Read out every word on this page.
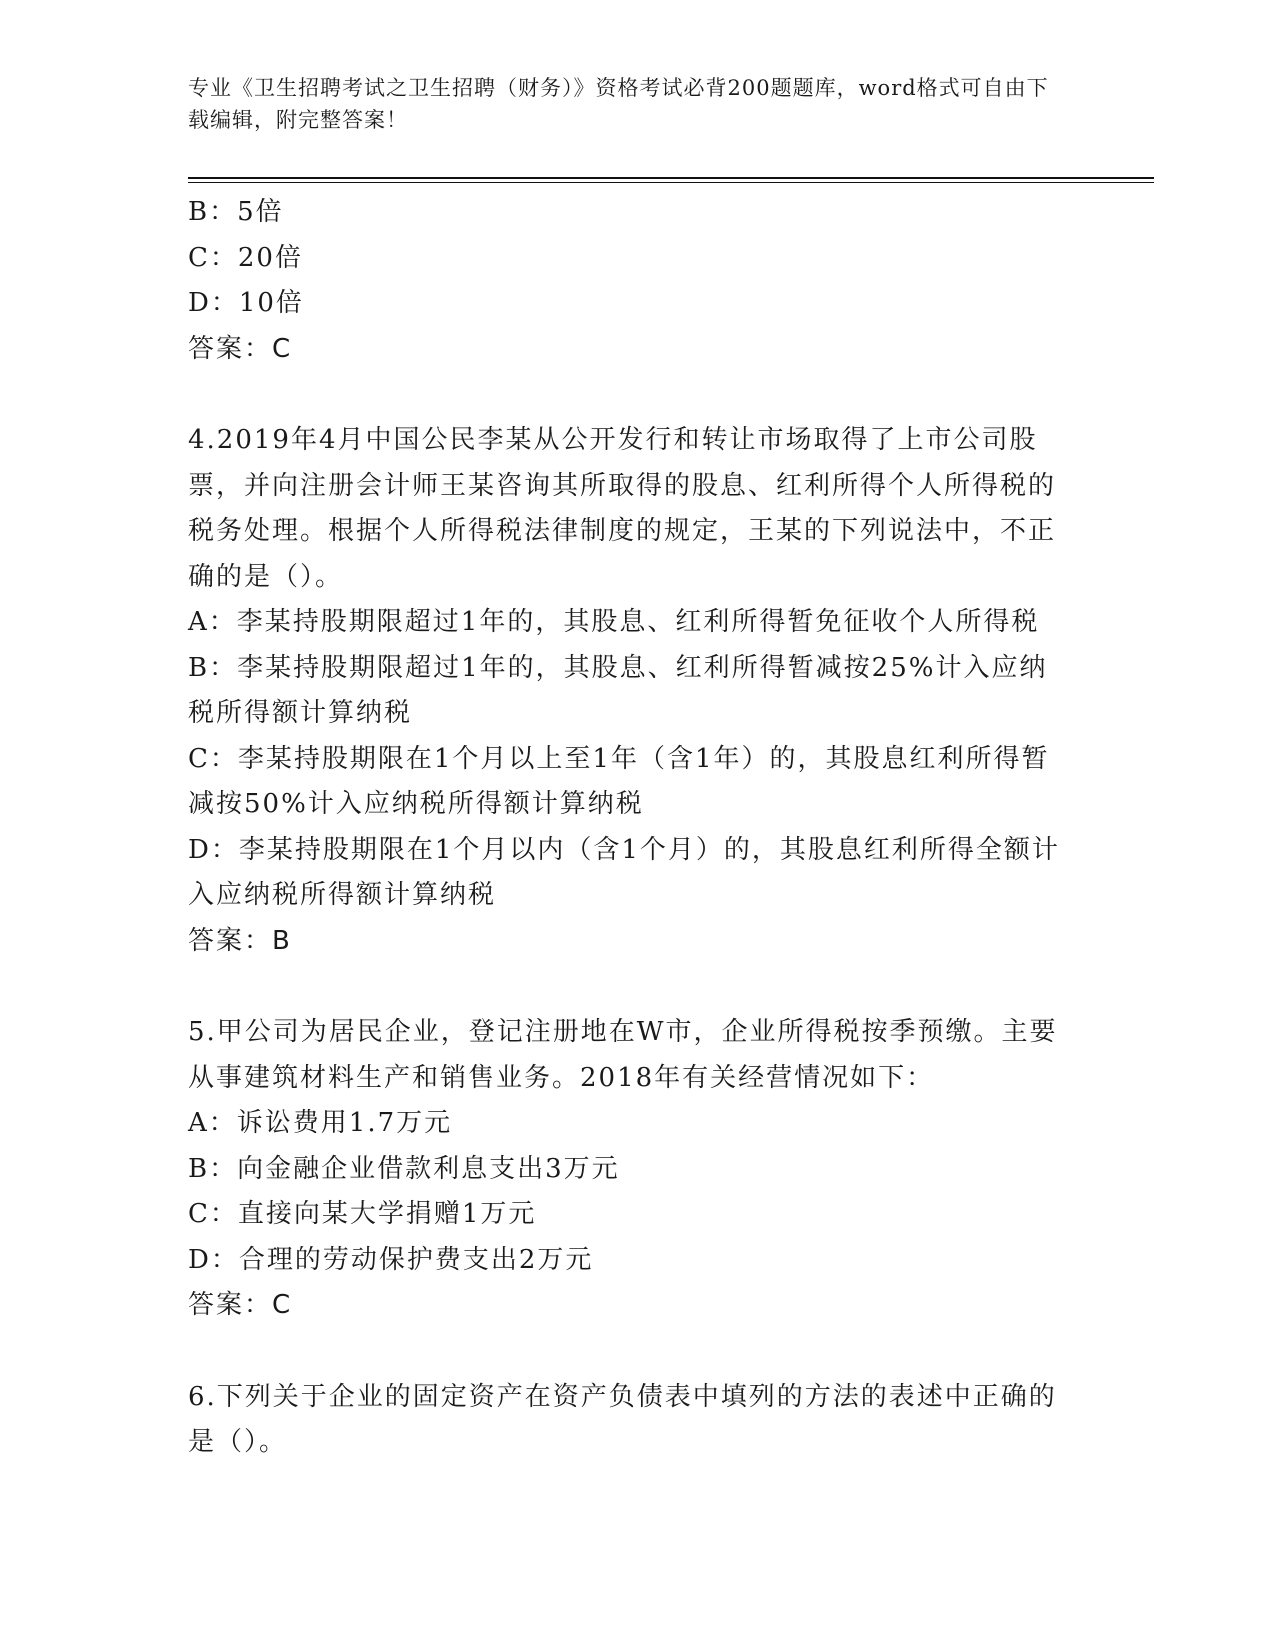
专业《卫生招聘考试之卫生招聘（财务）》资格考试必背200题题库，word格式可自由下载编辑，附完整答案！

B：5倍

C：20倍

D：10倍

答案：C

4.2019年4月中国公民李某从公开发行和转让市场取得了上市公司股票，并向注册会计师王某咨询其所取得的股息、红利所得个人所得税的税务处理。根据个人所得税法律制度的规定，王某的下列说法中，不正确的是（）。

A：李某持股期限超过1年的，其股息、红利所得暂免征收个人所得税

B：李某持股期限超过1年的，其股息、红利所得暂减按25%计入应纳税所得额计算纳税

C：李某持股期限在1个月以上至1年（含1年）的，其股息红利所得暂减按50%计入应纳税所得额计算纳税

D：李某持股期限在1个月以内（含1个月）的，其股息红利所得全额计入应纳税所得额计算纳税

答案：B

5.甲公司为居民企业，登记注册地在W市，企业所得税按季预缴。主要从事建筑材料生产和销售业务。2018年有关经营情况如下：

A：诉讼费用1.7万元

B：向金融企业借款利息支出3万元

C：直接向某大学捐赠1万元

D：合理的劳动保护费支出2万元

答案：C

6.下列关于企业的固定资产在资产负债表中填列的方法的表述中正确的是（）。
